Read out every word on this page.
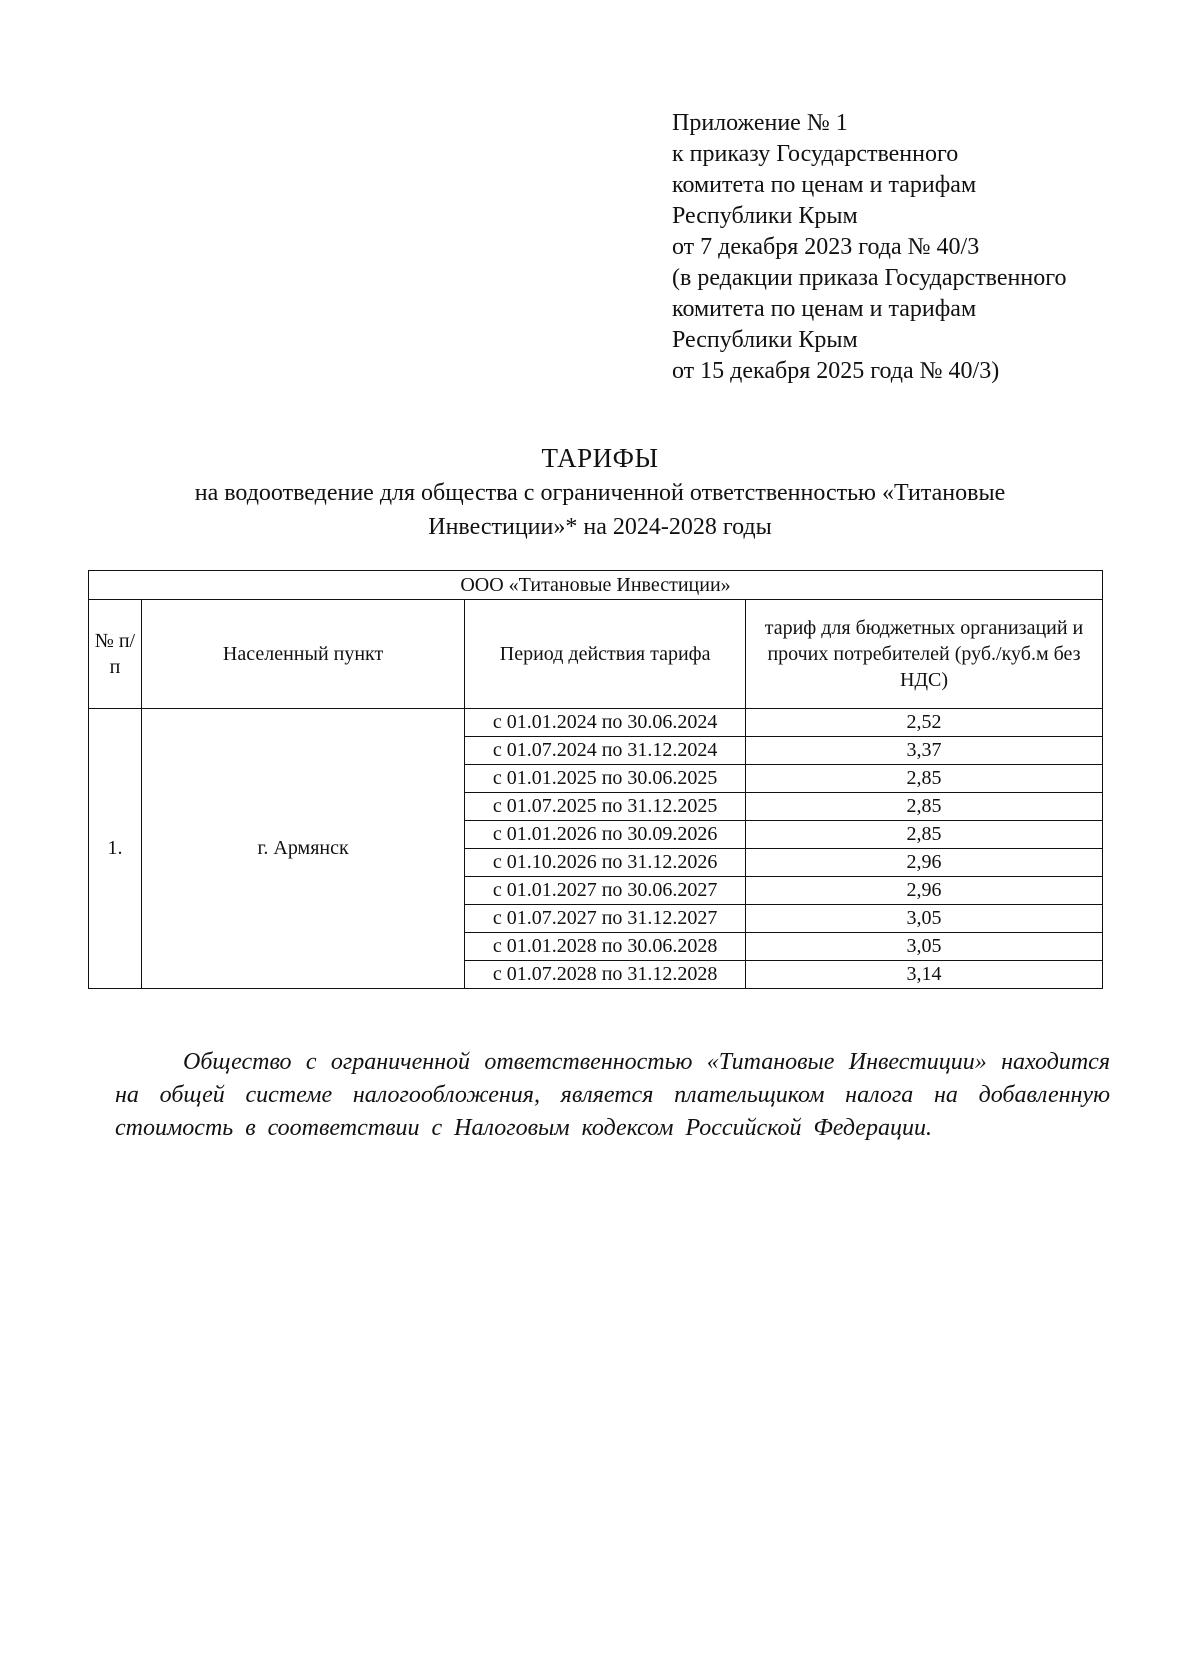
Приложение № 1
к приказу Государственного
комитета по ценам и тарифам
Республики Крым
от 7 декабря 2023 года № 40/3
(в редакции приказа Государственного
комитета по ценам и тарифам
Республики Крым
от 15 декабря 2025 года № 40/3)
ТАРИФЫ
на водоотведение для общества с ограниченной ответственностью «Титановые
Инвестиции»* на 2024-2028 годы
ООО «Титановые Инвестиции»			
№ п/п	Населенный пункт	Период действия тарифа	тариф для бюджетных организаций и прочих потребителей (руб./куб.м без НДС)
1.	г. Армянск	с 01.01.2024 по 30.06.2024	2,52
		с 01.07.2024 по 31.12.2024	3,37
		с 01.01.2025 по 30.06.2025	2,85
		с 01.07.2025 по 31.12.2025	2,85
		с 01.01.2026 по 30.09.2026	2,85
		с 01.10.2026 по 31.12.2026	2,96
		с 01.01.2027 по 30.06.2027	2,96
		с 01.07.2027 по 31.12.2027	3,05
		с 01.01.2028 по 30.06.2028	3,05
		с 01.07.2028 по 31.12.2028	3,14

Общество с ограниченной ответственностью «Титановые Инвестиции» находится на общей системе налогообложения, является плательщиком налога на добавленную стоимость в соответствии с Налоговым кодексом Российской Федерации.
